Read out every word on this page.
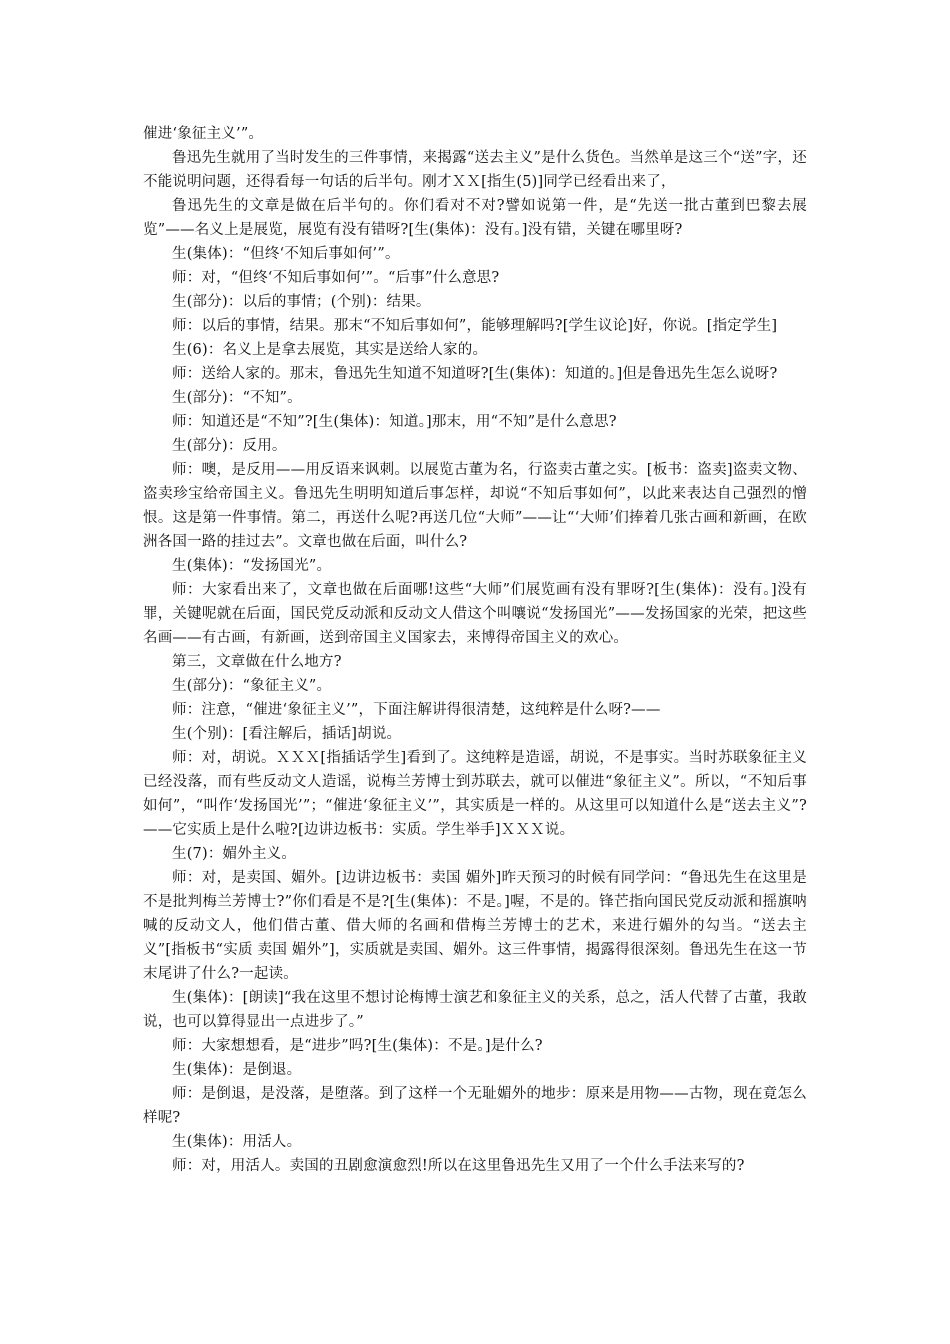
催进‘象征主义’”。

鲁迅先生就用了当时发生的三件事情，来揭露“送去主义”是什么货色。当然单是这三个“送”字，还不能说明问题，还得看每一句话的后半句。刚才ＸＸ[指生(5)]同学已经看出来了，

鲁迅先生的文章是做在后半句的。你们看对不对?譬如说第一件，是“先送一批古董到巴黎去展览”——名义上是展览，展览有没有错呀?[生(集体)：没有。]没有错，关键在哪里呀?

生(集体)：“但终‘不知后事如何’”。

师：对，“但终‘不知后事如何’”。“后事”什么意思?

生(部分)：以后的事情；(个别)：结果。

师：以后的事情，结果。那末“不知后事如何”，能够理解吗?[学生议论]好，你说。[指定学生]

生(6)：名义上是拿去展览，其实是送给人家的。

师：送给人家的。那末，鲁迅先生知道不知道呀?[生(集体)：知道的。]但是鲁迅先生怎么说呀?

生(部分)：“不知”。

师：知道还是“不知”?[生(集体)：知道。]那末，用“不知”是什么意思?

生(部分)：反用。

师：噢，是反用——用反语来讽刺。以展览古董为名，行盗卖古董之实。[板书：盗卖]盗卖文物、盗卖珍宝给帝国主义。鲁迅先生明明知道后事怎样，却说“不知后事如何”，以此来表达自己强烈的憎恨。这是第一件事情。第二，再送什么呢?再送几位“大师”——让“‘大师’们捧着几张古画和新画，在欧洲各国一路的挂过去”。文章也做在后面，叫什么?

生(集体)：“发扬国光”。

师：大家看出来了，文章也做在后面哪!这些“大师”们展览画有没有罪呀?[生(集体)：没有。]没有罪，关键呢就在后面，国民党反动派和反动文人借这个叫嚷说“发扬国光”——发扬国家的光荣，把这些名画——有古画，有新画，送到帝国主义国家去，来博得帝国主义的欢心。

第三，文章做在什么地方?

生(部分)：“象征主义”。

师：注意，“催进‘象征主义’”，下面注解讲得很清楚，这纯粹是什么呀?——

生(个别)：[看注解后，插话]胡说。

师：对，胡说。ＸＸＸ[指插话学生]看到了。这纯粹是造谣，胡说，不是事实。当时苏联象征主义已经没落，而有些反动文人造谣，说梅兰芳博士到苏联去，就可以催进“象征主义”。所以，“不知后事如何”，“叫作‘发扬国光’”；“催进‘象征主义’”，其实质是一样的。从这里可以知道什么是“送去主义”?——它实质上是什么啦?[边讲边板书：实质。学生举手]ＸＸＸ说。

生(7)：媚外主义。

师：对，是卖国、媚外。[边讲边板书：卖国 媚外]昨天预习的时候有同学问：“鲁迅先生在这里是不是批判梅兰芳博士?”你们看是不是?[生(集体)：不是。]喔，不是的。锋芒指向国民党反动派和摇旗呐喊的反动文人，他们借古董、借大师的名画和借梅兰芳博士的艺术，来进行媚外的勾当。“送去主义”[指板书“实质 卖国 媚外”]，实质就是卖国、媚外。这三件事情，揭露得很深刻。鲁迅先生在这一节末尾讲了什么?一起读。

生(集体)：[朗读]“我在这里不想讨论梅博士演艺和象征主义的关系，总之，活人代替了古董，我敢说，也可以算得显出一点进步了。”

师：大家想想看，是“进步”吗?[生(集体)：不是。]是什么?

生(集体)：是倒退。

师：是倒退，是没落，是堕落。到了这样一个无耻媚外的地步：原来是用物——古物，现在竟怎么样呢?

生(集体)：用活人。

师：对，用活人。卖国的丑剧愈演愈烈!所以在这里鲁迅先生又用了一个什么手法来写的?
